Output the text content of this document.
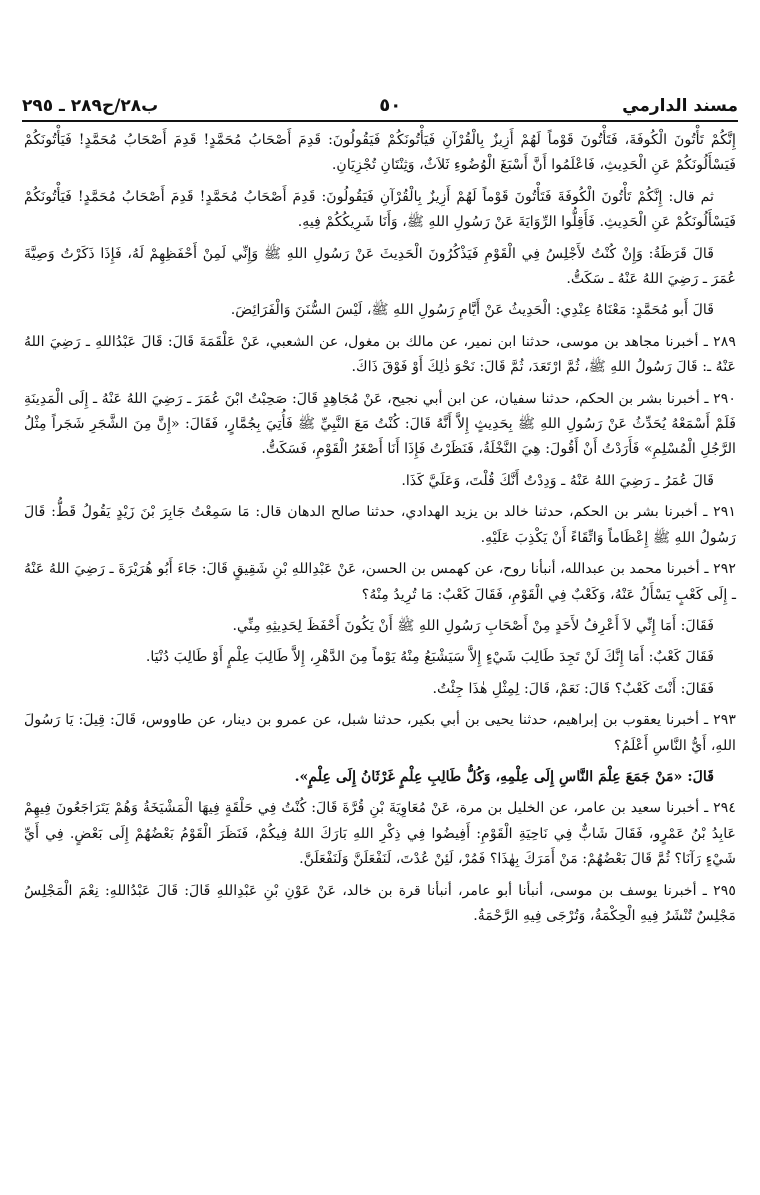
مسند الدارمي
٥٠
ب٢٨/ح٢٨٩ ـ ٢٩٥

إِنَّكُمْ تَأْتُونَ الْكُوفَةَ، فَتَأْتُونَ قَوْماً لَهُمْ أَزِيزٌ بِالْقُرْآنِ فَيَأْتُونَكُمْ فَيَقُولُونَ: قَدِمَ أَصْحَابُ مُحَمَّدٍ! قَدِمَ أَصْحَابُ مُحَمَّدٍ! فَيَأْتُونَكُمْ فَيَسْأَلُونَكُمْ عَنِ الْحَدِيثِ، فَاعْلَمُوا أَنَّ أَسْبَغَ الْوُضُوءِ ثَلاَثٌ، وَثِنْتَانِ تُجْزِيَانِ.

ثم قال: إِنَّكُمْ تَأْتُونَ الْكُوفَةَ فَتَأْتُونَ قَوْماً لَهُمْ أَزِيزٌ بِالْقُرْآنِ فَيَقُولُونَ: قَدِمَ أَصْحَابُ مُحَمَّدٍ! قَدِمَ أَصْحَابُ مُحَمَّدٍ! فَيَأْتُونَكُمْ فَيَسْأَلُونَكُمْ عَنِ الْحَدِيثِ. فَأَقِلُّوا الرِّوَايَةَ عَنْ رَسُولِ اللهِ ﷺ، وَأَنَا شَرِيكُكُمْ فِيهِ.

قَالَ قَرَظَةُ: وَإِنْ كُنْتُ لأَجْلِسُ فِي الْقَوْمِ فَيَذْكُرُونَ الْحَدِيثَ عَنْ رَسُولِ اللهِ ﷺ وَإِنِّي لَمِنْ أَحْفَظِهِمْ لَهُ، فَإِذَا ذَكَرْتُ وَصِيَّةَ عُمَرَ ـ رَضِيَ اللهُ عَنْهُ ـ سَكَتُّ.

قَالَ أَبو مُحَمَّدٍ: مَعْنَاهُ عِنْدِي: الْحَدِيثُ عَنْ أَيَّامِ رَسُولِ اللهِ ﷺ، لَيْسَ السُّنَنَ وَالْفَرَائِضَ.

٢٨٩ ـ أخبرنا مجاهد بن موسى، حدثنا ابن نمير، عن مالك بن مغول، عن الشعبي، عَنْ عَلْقَمَةَ قَالَ: قَالَ عَبْدُاللهِ ـ رَضِيَ اللهُ عَنْهُ ـ: قَالَ رَسُولُ اللهِ ﷺ، ثُمَّ ارْتَعَدَ، ثُمَّ قَالَ: نَحْوَ ذٰلِكَ أَوْ فَوْقَ ذَاكَ.

٢٩٠ ـ أخبرنا بشر بن الحكم، حدثنا سفيان، عن ابن أبي نجيح، عَنْ مُجَاهِدٍ قَالَ: صَحِبْتُ ابْنَ عُمَرَ ـ رَضِيَ اللهُ عَنْهُ ـ إِلَى الْمَدِينَةِ فَلَمْ أَسْمَعْهُ يُحَدِّثُ عَنْ رَسُولِ اللهِ ﷺ بِحَدِيثٍ إِلاَّ أَنَّهُ قَالَ: كُنْتُ مَعَ النَّبِيِّ ﷺ فَأُتِيَ بِجُمَّارٍ، فَقَالَ: «إِنَّ مِنَ الشَّجَرِ شَجَراً مِثْلُ الرَّجُلِ الْمُسْلِمِ» فَأَرَدْتُ أَنْ أَقُولَ: هِيَ النَّخْلَةُ، فَنَظَرْتُ فَإِذَا أَنَا أَصْغَرُ الْقَوْمِ، فَسَكَتُّ.

قَالَ عُمَرُ ـ رَضِيَ اللهُ عَنْهُ ـ وَدِدْتُ أَنَّكَ قُلْتَ، وَعَلَيَّ كَذَا.

٢٩١ ـ أخبرنا بشر بن الحكم، حدثنا خالد بن يزيد الهدادي، حدثنا صالح الدهان قال: مَا سَمِعْتُ جَابِرَ بْنَ زَيْدٍ يَقُولُ قَطُّ: قَالَ رَسُولُ اللهِ ﷺ إِعْظَاماً وَاتِّقَاءً أَنْ يَكْذِبَ عَلَيْهِ.

٢٩٢ ـ أخبرنا محمد بن عبدالله، أنبأنا روح، عن كهمس بن الحسن، عَنْ عَبْدِاللهِ بْنِ شَقِيقٍ قَالَ: جَاءَ أَبُو هُرَيْرَةَ ـ رَضِيَ اللهُ عَنْهُ ـ إِلَى كَعْبٍ يَسْأَلُ عَنْهُ، وَكَعْبٌ فِي الْقَوْمِ، فَقَالَ كَعْبٌ: مَا تُرِيدُ مِنْهُ؟

فَقَالَ: أَمَا إِنِّي لاَ أَعْرِفُ لأَحَدٍ مِنْ أَصْحَابِ رَسُولِ اللهِ ﷺ أَنْ يَكُونَ أَحْفَظَ لِحَدِيثِهِ مِنِّي.

فَقَالَ كَعْبٌ: أَمَا إِنَّكَ لَنْ تَجِدَ طَالِبَ شَيْءٍ إِلاَّ سَيَشْبَعُ مِنْهُ يَوْماً مِنَ الدَّهْرِ، إِلاَّ طَالِبَ عِلْمٍ أَوْ طَالِبَ دُنْيَا.

فَقَالَ: أَنْتَ كَعْبٌ؟ قَالَ: نَعَمْ، قَالَ: لِمِثْلِ هٰذَا جِئْتُ.

٢٩٣ ـ أخبرنا يعقوب بن إبراهيم، حدثنا يحيى بن أبي بكير، حدثنا شبل، عن عمرو بن دينار، عن طاووس، قَالَ: قِيلَ: يَا رَسُولَ اللهِ، أَيُّ النَّاسِ أَعْلَمُ؟

قَالَ: «مَنْ جَمَعَ عِلْمَ النَّاسِ إِلَى عِلْمِهِ، وَكُلُّ طَالِبِ عِلْمٍ غَرْثَانُ إِلَى عِلْمٍ».

٢٩٤ ـ أخبرنا سعيد بن عامر، عن الخليل بن مرة، عَنْ مُعَاوِيَةَ بْنِ قُرَّةَ قَالَ: كُنْتُ فِي حَلْقَةٍ فِيهَا الْمَشْيَخَةُ وَهُمْ يَتَرَاجَعُونَ فِيهِمْ عَابِدُ بْنُ عَمْرٍو، فَقَالَ شَابٌّ فِي نَاحِيَةِ الْقَوْمِ: أَفِيضُوا فِي ذِكْرِ اللهِ بَارَكَ اللهُ فِيكُمْ، فَنَظَرَ الْقَوْمُ بَعْضُهُمْ إِلَى بَعْضٍ. فِي أَيِّ شَيْءٍ رَآنَا؟ ثُمَّ قَالَ بَعْضُهُمْ: مَنْ أَمَرَكَ بِهٰذَا؟ فَمُرْ، لَئِنْ عُدْتَ، لَنَفْعَلَنَّ وَلَنَفْعَلَنَّ.

٢٩٥ ـ أخبرنا يوسف بن موسى، أنبأنا أبو عامر، أنبأنا قرة بن خالد، عَنْ عَوْنِ بْنِ عَبْدِاللهِ قَالَ: قَالَ عَبْدُاللهِ: نِعْمَ الْمَجْلِسُ مَجْلِسٌ تُنْشَرُ فِيهِ الْحِكْمَةُ، وَتُرْجَى فِيهِ الرَّحْمَةُ.
